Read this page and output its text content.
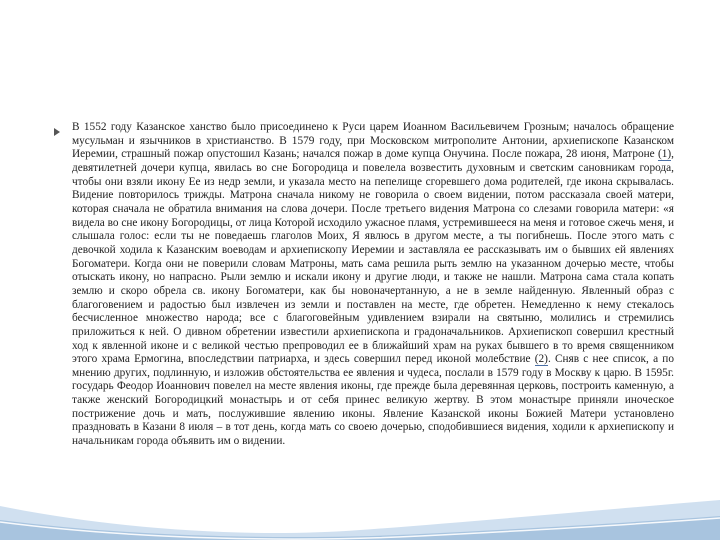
В 1552 году Казанское ханство было присоединено к Руси царем Иоанном Васильевичем Грозным; началось обращение мусульман и язычников в христианство. В 1579 году, при Московском митрополите Антонии, архиепископе Казанском Иеремии, страшный пожар опустошил Казань; начался пожар в доме купца Онучина. После пожара, 28 июня, Матроне (1), девятилетней дочери купца, явилась во сне Богородица и повелела возвестить духовным и светским сановникам города, чтобы они взяли икону Ее из недр земли, и указала место на пепелище сгоревшего дома родителей, где икона скрывалась. Видение повторилось трижды. Матрона сначала никому не говорила о своем видении, потом рассказала своей матери, которая сначала не обратила внимания на слова дочери. После третьего видения Матрона со слезами говорила матери: «я видела во сне икону Богородицы, от лица Которой исходило ужасное пламя, устремившееся на меня и готовое сжечь меня, и слышала голос: если ты не поведаешь глаголов Моих, Я явлюсь в другом месте, а ты погибнешь. После этого мать с девочкой ходила к Казанским воеводам и архиепископу Иеремии и заставляла ее рассказывать им о бывших ей явлениях Богоматери. Когда они не поверили словам Матроны, мать сама решила рыть землю на указанном дочерью месте, чтобы отыскать икону, но напрасно. Рыли землю и искали икону и другие люди, и также не нашли. Матрона сама стала копать землю и скоро обрела св. икону Богоматери, как бы новоначертанную, а не в земле найденную. Явленный образ с благоговением и радостью был извлечен из земли и поставлен на месте, где обретен. Немедленно к нему стекалось бесчисленное множество народа; все с благоговейным удивлением взирали на святыню, молились и стремились приложиться к ней. О дивном обретении известили архиепископа и градоначальников. Архиепископ совершил крестный ход к явленной иконе и с великой честью препроводил ее в ближайший храм на руках бывшего в то время священником этого храма Ермогина, впоследствии патриарха, и здесь совершил перед иконой молебствие (2). Сняв с нее список, а по мнению других, подлинную, и изложив обстоятельства ее явления и чудеса, послали в 1579 году в Москву к царю. В 1595г. государь Феодор Иоаннович повелел на месте явления иконы, где прежде была деревянная церковь, построить каменную, а также женский Богородицкий монастырь и от себя принес великую жертву. В этом монастыре приняли иноческое пострижение дочь и мать, послужившие явлению иконы. Явление Казанской иконы Божией Матери установлено праздновать в Казани 8 июля – в тот день, когда мать со своею дочерью, сподобившиеся видения, ходили к архиепископу и начальникам города объявить им о видении.
